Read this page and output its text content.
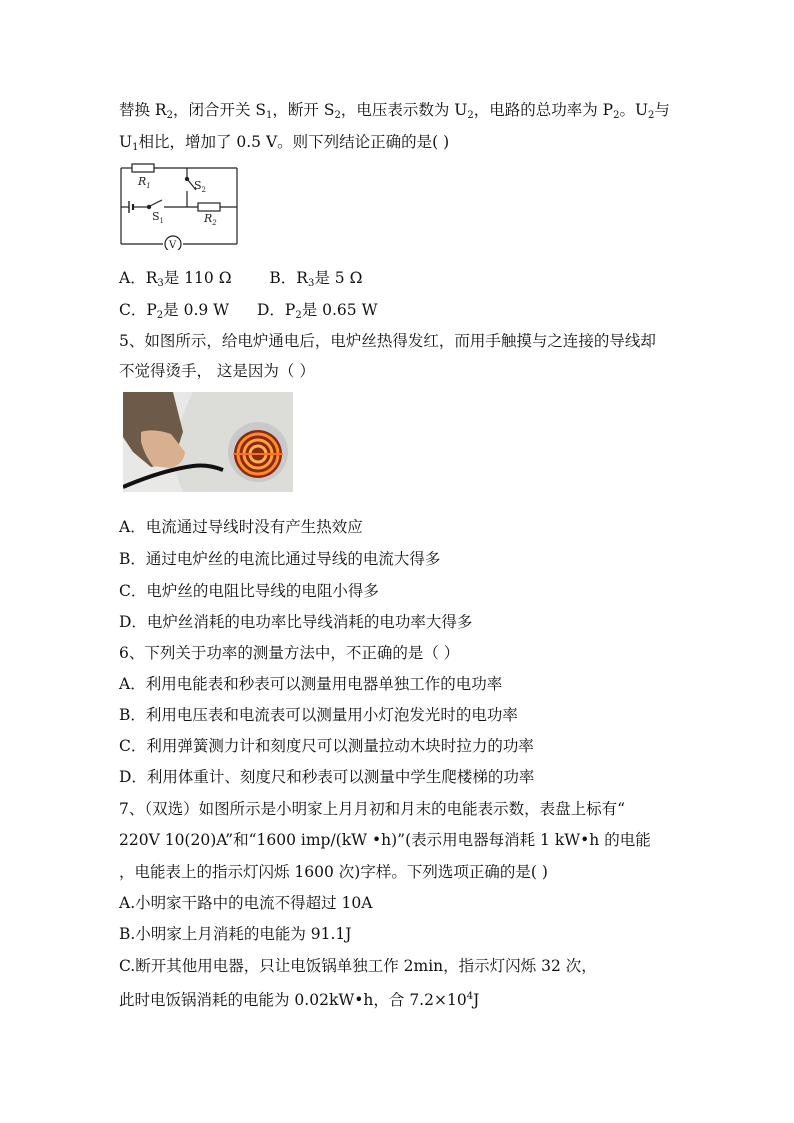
替换 $R_2$，闭合开关 $S_1$，断开 $S_2$，电压表示数为 $U_2$，电路的总功率为 $P_2$。$U_2$与
$U_1$相比，增加了 0.5 V。则下列结论正确的是( )
$R_1$	$S_2$
$S_1$	$R_2$
V
A．$R_3$是 110 Ω B．$R_3$是 5 Ω
C．$P_2$是 0.9 W D．$P_2$是 0.65 W
5、如图所示，给电炉通电后，电炉丝热得发红，而用手触摸与之连接的导线却
不觉得烫手， 这是因为（ ）
A．电流通过导线时没有产生热效应
B．通过电炉丝的电流比通过导线的电流大得多
C．电炉丝的电阻比导线的电阻小得多
D．电炉丝消耗的电功率比导线消耗的电功率大得多
6、下列关于功率的测量方法中，不正确的是（ ）
A．利用电能表和秒表可以测量用电器单独工作的电功率
B．利用电压表和电流表可以测量用小灯泡发光时的电功率
C．利用弹簧测力计和刻度尺可以测量拉动木块时拉力的功率
D．利用体重计、刻度尺和秒表可以测量中学生爬楼梯的功率
7、（双选）如图所示是小明家上月月初和月末的电能表示数，表盘上标有“
220V 10(20)A”和“1600 imp/(kW •h)”(表示用电器每消耗 1 kW•h 的电能
，电能表上的指示灯闪烁 1600 次)字样。下列选项正确的是( )
A.小明家干路中的电流不得超过 10A
B.小明家上月消耗的电能为 91.1J
C.断开其他用电器，只让电饭锅单独工作 2min，指示灯闪烁 32 次，
此时电饭锅消耗的电能为 0.02kW•h，合 $7.2\times 10^4J$
